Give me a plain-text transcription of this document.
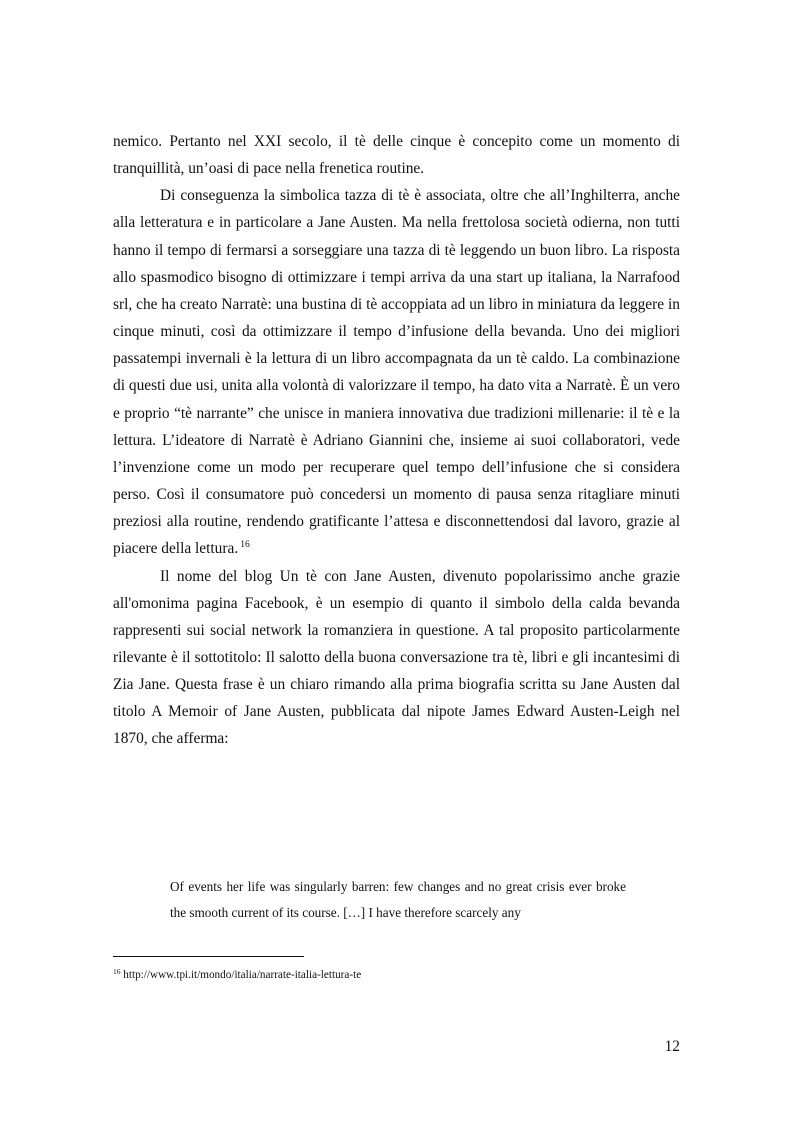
nemico. Pertanto nel XXI secolo, il tè delle cinque è concepito come un momento di tranquillità, un’oasi di pace nella frenetica routine.

Di conseguenza la simbolica tazza di tè è associata, oltre che all’Inghilterra, anche alla letteratura e in particolare a Jane Austen. Ma nella frettolosa società odierna, non tutti hanno il tempo di fermarsi a sorseggiare una tazza di tè leggendo un buon libro. La risposta allo spasmodico bisogno di ottimizzare i tempi arriva da una start up italiana, la Narrafood srl, che ha creato Narratè: una bustina di tè accoppiata ad un libro in miniatura da leggere in cinque minuti, così da ottimizzare il tempo d’infusione della bevanda. Uno dei migliori passatempi invernali è la lettura di un libro accompagnata da un tè caldo. La combinazione di questi due usi, unita alla volontà di valorizzare il tempo, ha dato vita a Narratè. È un vero e proprio “tè narrante” che unisce in maniera innovativa due tradizioni millenarie: il tè e la lettura. L’ideatore di Narratè è Adriano Giannini che, insieme ai suoi collaboratori, vede l’invenzione come un modo per recuperare quel tempo dell’infusione che si considera perso. Così il consumatore può concedersi un momento di pausa senza ritagliare minuti preziosi alla routine, rendendo gratificante l’attesa e disconnettendosi dal lavoro, grazie al piacere della lettura. $^{16}$

Il nome del blog Un tè con Jane Austen, divenuto popolarissimo anche grazie all'omonima pagina Facebook, è un esempio di quanto il simbolo della calda bevanda rappresenti sui social network la romanziera in questione. A tal proposito particolarmente rilevante è il sottotitolo: Il salotto della buona conversazione tra tè, libri e gli incantesimi di Zia Jane. Questa frase è un chiaro rimando alla prima biografia scritta su Jane Austen dal titolo A Memoir of Jane Austen, pubblicata dal nipote James Edward Austen-Leigh nel 1870, che afferma:

Of events her life was singularly barren: few changes and no great crisis ever broke the smooth current of its course. […] I have therefore scarcely any

$^{16}$ http://www.tpi.it/mondo/italia/narrate-italia-lettura-te
12
